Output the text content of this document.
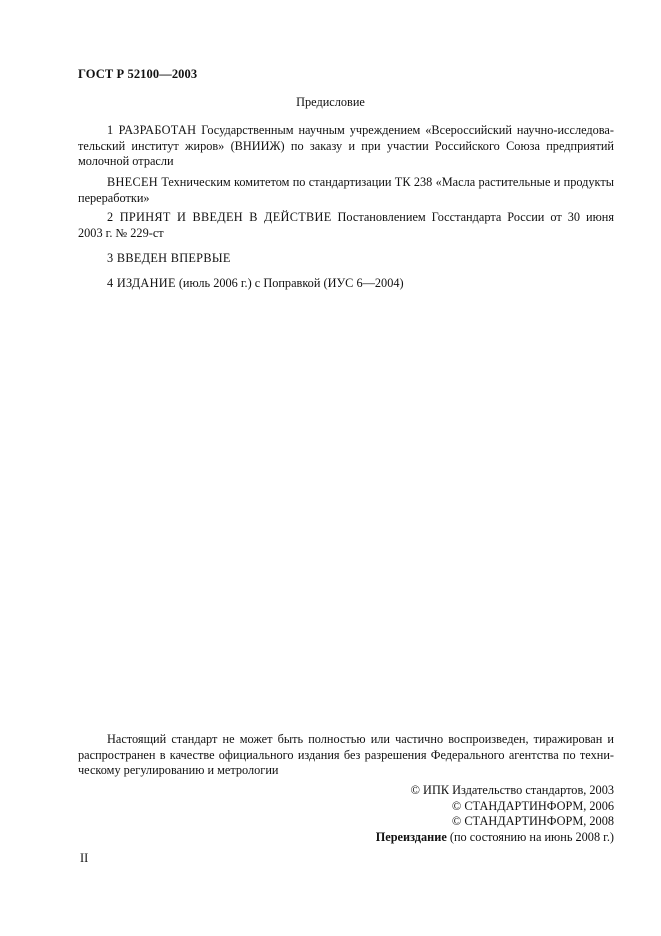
ГОСТ Р 52100—2003
Предисловие
1 РАЗРАБОТАН Государственным научным учреждением «Всероссийский научно-исследова-
тельский институт жиров» (ВНИИЖ) по заказу и при участии Российского Союза предприятий
молочной отрасли
ВНЕСЕН Техническим комитетом по стандартизации ТК 238 «Масла растительные и продукты
переработки»
2 ПРИНЯТ И ВВЕДЕН В ДЕЙСТВИЕ Постановлением Госстандарта России от 30 июня
2003 г. № 229-ст
3 ВВЕДЕН ВПЕРВЫЕ
4 ИЗДАНИЕ (июль 2006 г.) с Поправкой (ИУС 6—2004)
Настоящий стандарт не может быть полностью или частично воспроизведен, тиражирован и
распространен в качестве официального издания без разрешения Федерального агентства по техни-
ческому регулированию и метрологии
© ИПК Издательство стандартов, 2003
© СТАНДАРТИНФОРМ, 2006
© СТАНДАРТИНФОРМ, 2008
Переиздание (по состоянию на июнь 2008 г.)
II
